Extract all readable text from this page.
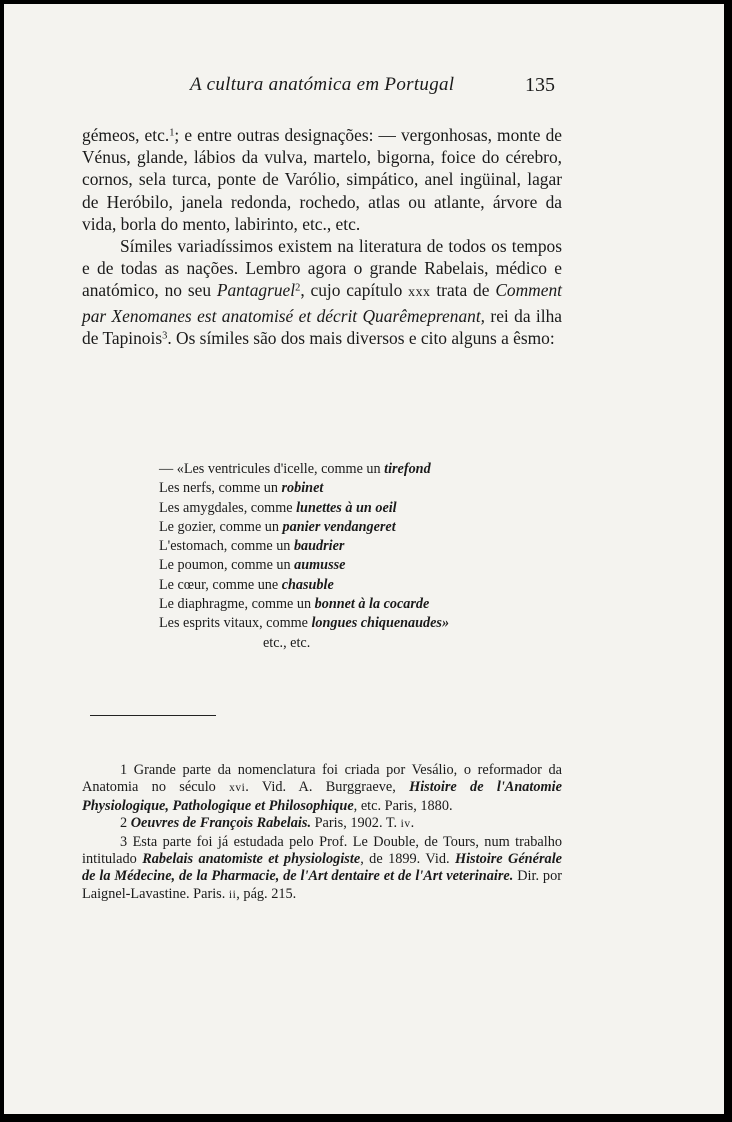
A cultura anatómica em Portugal	135

gémeos, etc.$^1$; e entre outras designações: — vergonhosas, monte de Vénus, glande, lábios da vulva, martelo, bigorna, foice do cérebro, cornos, sela turca, ponte de Varólio, simpático, anel ingüinal, lagar de Heróbilo, janela redonda, rochedo, atlas ou atlante, árvore da vida, borla do mento, labirinto, etc., etc.

Símiles variadíssimos existem na literatura de todos os tempos e de todas as nações. Lembro agora o grande Rabelais, médico e anatómico, no seu Pantagruel$^2$, cujo capítulo xxx trata de Comment par Xenomanes est anatomisé et décrit Quarêmeprenant, rei da ilha de Tapinois$^3$. Os símiles são dos mais diversos e cito alguns a êsmo:

— «Les ventricules d'icelle, comme un tirefond
Les nerfs, comme un robinet
Les amygdales, comme lunettes à un oeil
Le gozier, comme un panier vendangeret
L'estomach, comme un baudrier
Le poumon, comme un aumusse
Le cœur, comme une chasuble
Le diaphragme, comme un bonnet à la cocarde
Les esprits vitaux, comme longues chiquenaudes»
etc., etc.

1 Grande parte da nomenclatura foi criada por Vesálio, o reformador da Anatomia no século xvi. Vid. A. Burggraeve, Histoire de l'Anatomie Physiologique, Pathologique et Philosophique, etc. Paris, 1880.

2 Oeuvres de François Rabelais. Paris, 1902. T. iv.

3 Esta parte foi já estudada pelo Prof. Le Double, de Tours, num trabalho intitulado Rabelais anatomiste et physiologiste, de 1899. Vid. Histoire Générale de la Médecine, de la Pharmacie, de l'Art dentaire et de l'Art veterinaire. Dir. por Laignel-Lavastine. Paris. ii, pág. 215.
